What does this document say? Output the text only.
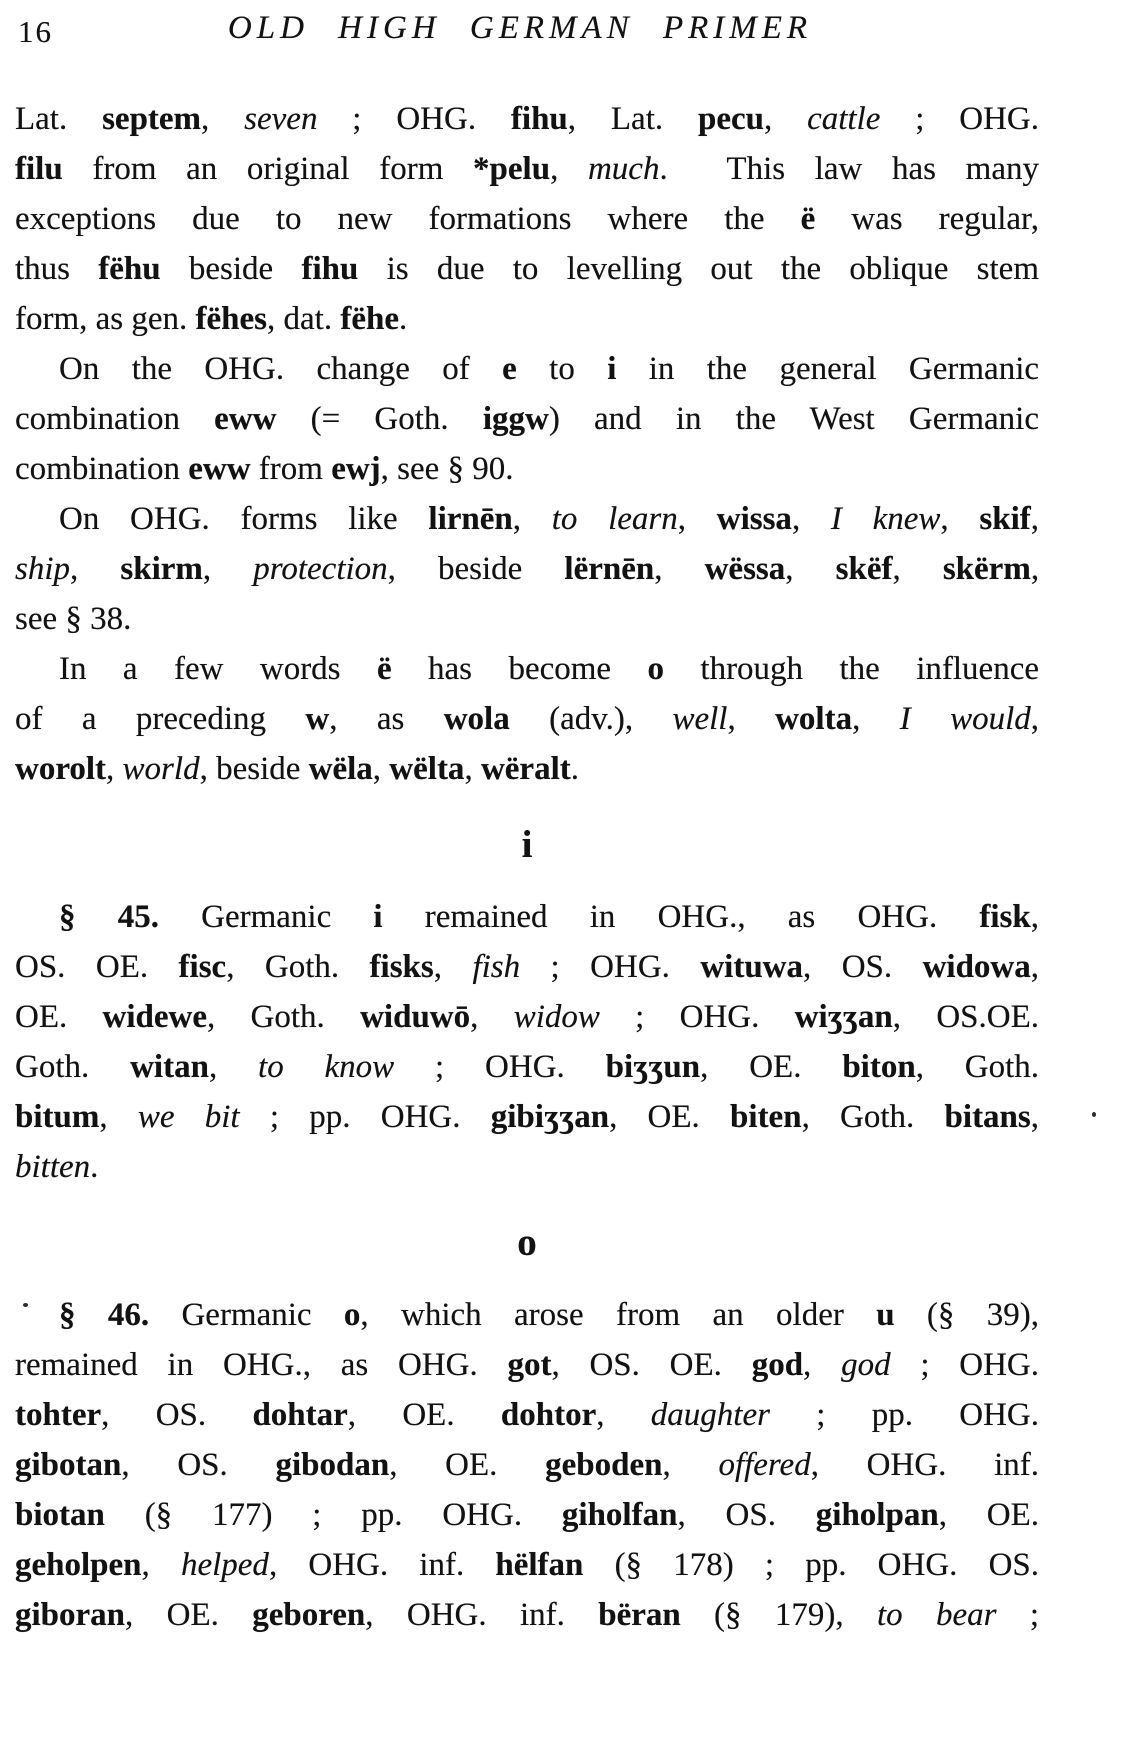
16	OLD HIGH GERMAN PRIMER
Lat. septem, seven ; OHG. fihu, Lat. pecu, cattle ; OHG.
filu from an original form *pelu, much.  This law has many
exceptions due to new formations where the ë was regular,
thus fëhu beside fihu is due to levelling out the oblique stem
form, as gen. fëhes, dat. fëhe.
On the OHG. change of e to i in the general Germanic
combination eww (= Goth. iggw) and in the West Germanic
combination eww from ewj, see § 90.
On OHG. forms like lirnēn, to learn, wissa, I knew, skif,
ship, skirm, protection, beside lërnēn, wëssa, skëf, skërm,
see § 38.
In a few words ë has become o through the influence
of a preceding w, as wola (adv.), well, wolta, I would,
worolt, world, beside wëla, wëlta, wëralt.
i
§ 45. Germanic i remained in OHG., as OHG. fisk,
OS. OE. fisc, Goth. fisks, fish ; OHG. wituwa, OS. widowa,
OE. widewe, Goth. widuwō, widow ; OHG. wiʒʒan, OS.OE.
Goth. witan, to know ; OHG. biʒʒun, OE. biton, Goth.
bitum, we bit ; pp. OHG. gibiʒʒan, OE. biten, Goth. bitans,
bitten.
o
§ 46. Germanic o, which arose from an older u (§ 39),
remained in OHG., as OHG. got, OS. OE. god, god ; OHG.
tohter, OS. dohtar, OE. dohtor, daughter ; pp. OHG.
gibotan, OS. gibodan, OE. geboden, offered, OHG. inf.
biotan (§ 177) ; pp. OHG. giholfan, OS. giholpan, OE.
geholpen, helped, OHG. inf. hëlfan (§ 178) ; pp. OHG. OS.
giboran, OE. geboren, OHG. inf. bëran (§ 179), to bear ;
